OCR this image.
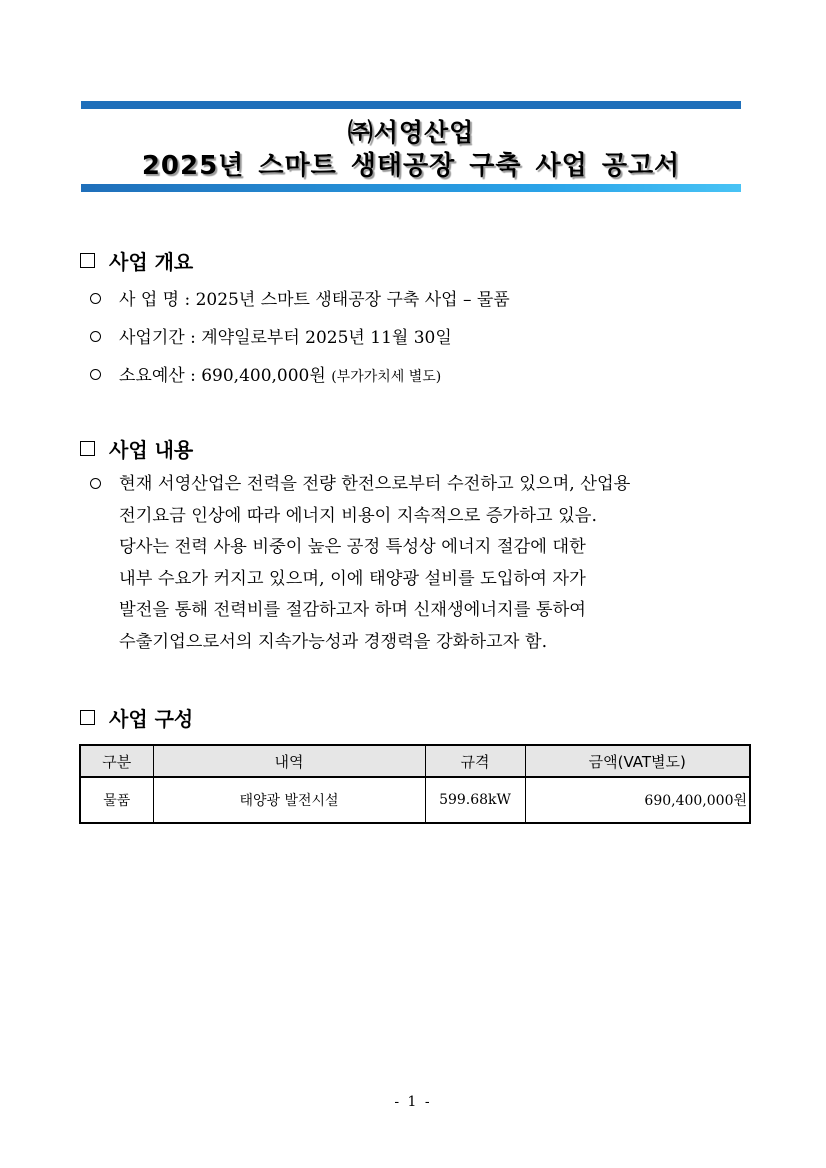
㈜서영산업
2025년 스마트 생태공장 구축 사업 공고서
사업 개요
사 업 명 : 2025년 스마트 생태공장 구축 사업 – 물품
사업기간 : 계약일로부터 2025년 11월 30일
소요예산 : 690,400,000원 (부가가치세 별도)
사업 내용
현재 서영산업은 전력을 전량 한전으로부터 수전하고 있으며, 산업용
전기요금 인상에 따라 에너지 비용이 지속적으로 증가하고 있음.
당사는 전력 사용 비중이 높은 공정 특성상 에너지 절감에 대한
내부 수요가 커지고 있으며, 이에 태양광 설비를 도입하여 자가
발전을 통해 전력비를 절감하고자 하며 신재생에너지를 통하여
수출기업으로서의 지속가능성과 경쟁력을 강화하고자 함.
사업 구성
구분	내역	규격	금액(VAT별도)
물품	태양광 발전시설	599.68kW	690,400,000원
- 1 -
